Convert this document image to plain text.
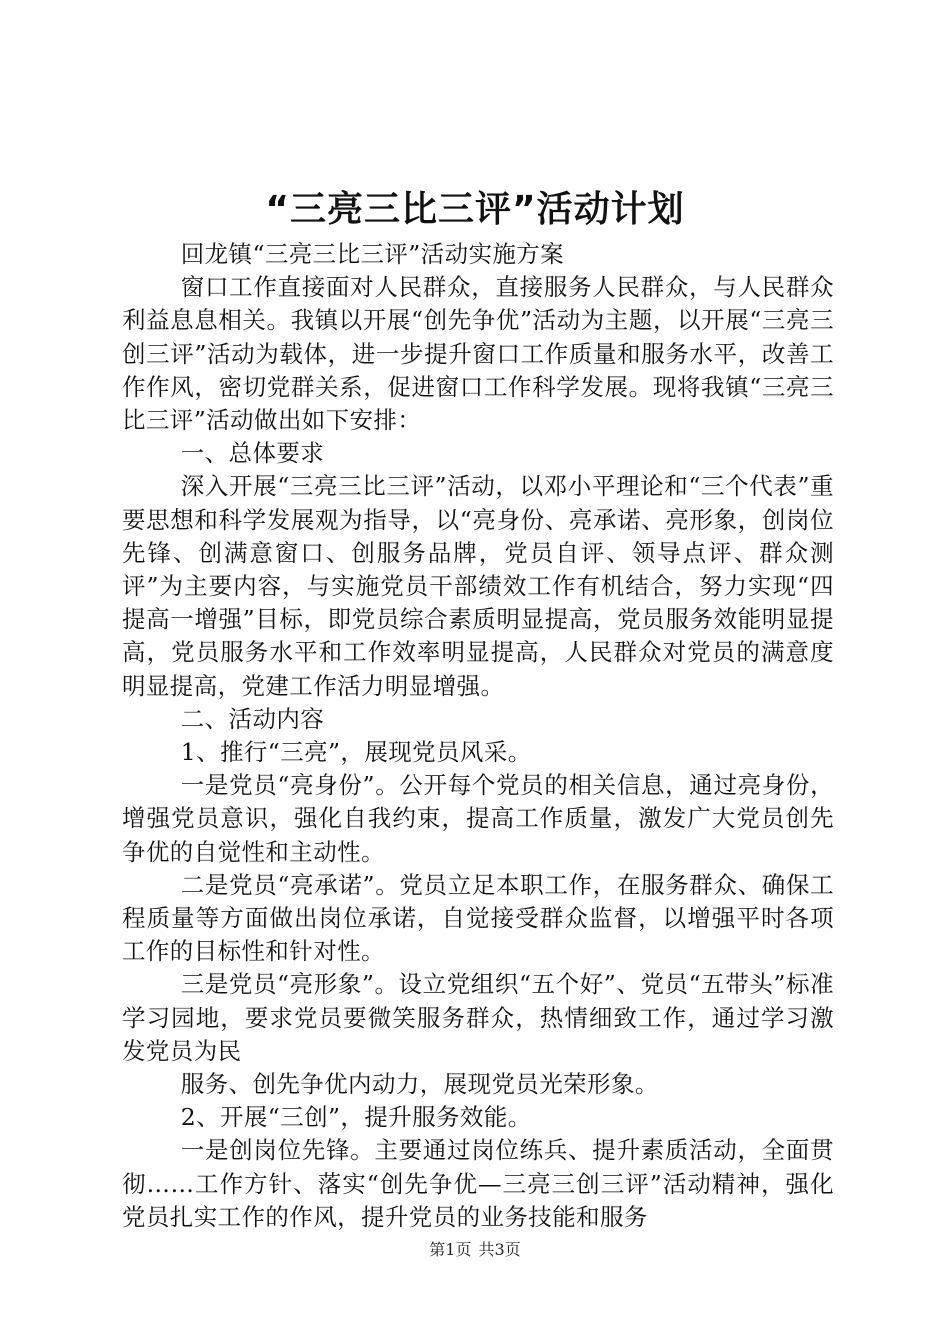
“三亮三比三评”活动计划

回龙镇“三亮三比三评”活动实施方案

窗口工作直接面对人民群众，直接服务人民群众，与人民群众利益息息相关。我镇以开展“创先争优”活动为主题，以开展“三亮三创三评”活动为载体，进一步提升窗口工作质量和服务水平，改善工作作风，密切党群关系，促进窗口工作科学发展。现将我镇“三亮三比三评”活动做出如下安排：

一、总体要求

深入开展“三亮三比三评”活动，以邓小平理论和“三个代表”重要思想和科学发展观为指导，以“亮身份、亮承诺、亮形象，创岗位先锋、创满意窗口、创服务品牌，党员自评、领导点评、群众测评”为主要内容，与实施党员干部绩效工作有机结合，努力实现“四提高一增强”目标，即党员综合素质明显提高，党员服务效能明显提高，党员服务水平和工作效率明显提高，人民群众对党员的满意度明显提高，党建工作活力明显增强。

二、活动内容

1、推行“三亮”，展现党员风采。

一是党员“亮身份”。公开每个党员的相关信息，通过亮身份，增强党员意识，强化自我约束，提高工作质量，激发广大党员创先争优的自觉性和主动性。

二是党员“亮承诺”。党员立足本职工作，在服务群众、确保工程质量等方面做出岗位承诺，自觉接受群众监督，以增强平时各项工作的目标性和针对性。

三是党员“亮形象”。设立党组织“五个好”、党员“五带头”标准学习园地，要求党员要微笑服务群众，热情细致工作，通过学习激发党员为民

服务、创先争优内动力，展现党员光荣形象。

2、开展“三创”，提升服务效能。

一是创岗位先锋。主要通过岗位练兵、提升素质活动，全面贯彻……工作方针、落实“创先争优—三亮三创三评”活动精神，强化党员扎实工作的作风，提升党员的业务技能和服务

第1页 共3页
